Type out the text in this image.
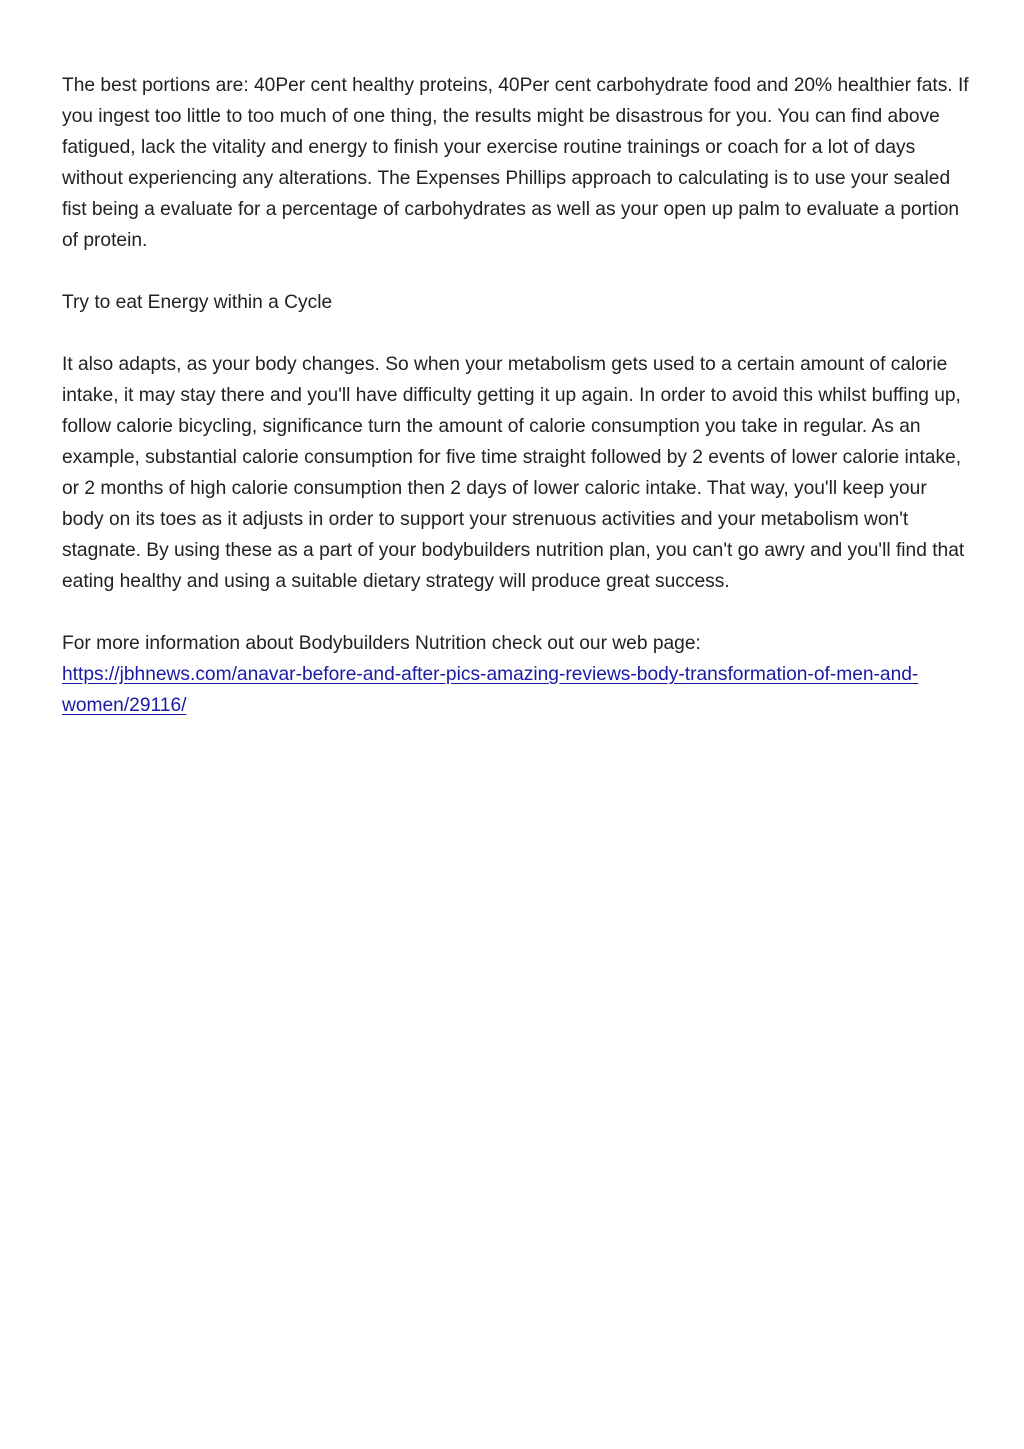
The best portions are: 40Per cent healthy proteins, 40Per cent carbohydrate food and 20% healthier fats. If you ingest too little to too much of one thing, the results might be disastrous for you. You can find above fatigued, lack the vitality and energy to finish your exercise routine trainings or coach for a lot of days without experiencing any alterations. The Expenses Phillips approach to calculating is to use your sealed fist being a evaluate for a percentage of carbohydrates as well as your open up palm to evaluate a portion of protein.

Try to eat Energy within a Cycle

It also adapts, as your body changes. So when your metabolism gets used to a certain amount of calorie intake, it may stay there and you'll have difficulty getting it up again. In order to avoid this whilst buffing up, follow calorie bicycling, significance turn the amount of calorie consumption you take in regular. As an example, substantial calorie consumption for five time straight followed by 2 events of lower calorie intake, or 2 months of high calorie consumption then 2 days of lower caloric intake. That way, you'll keep your body on its toes as it adjusts in order to support your strenuous activities and your metabolism won't stagnate. By using these as a part of your bodybuilders nutrition plan, you can't go awry and you'll find that eating healthy and using a suitable dietary strategy will produce great success.

For more information about Bodybuilders Nutrition check out our web page:
https://jbhnews.com/anavar-before-and-after-pics-amazing-reviews-body-transformation-of-men-and-women/29116/
